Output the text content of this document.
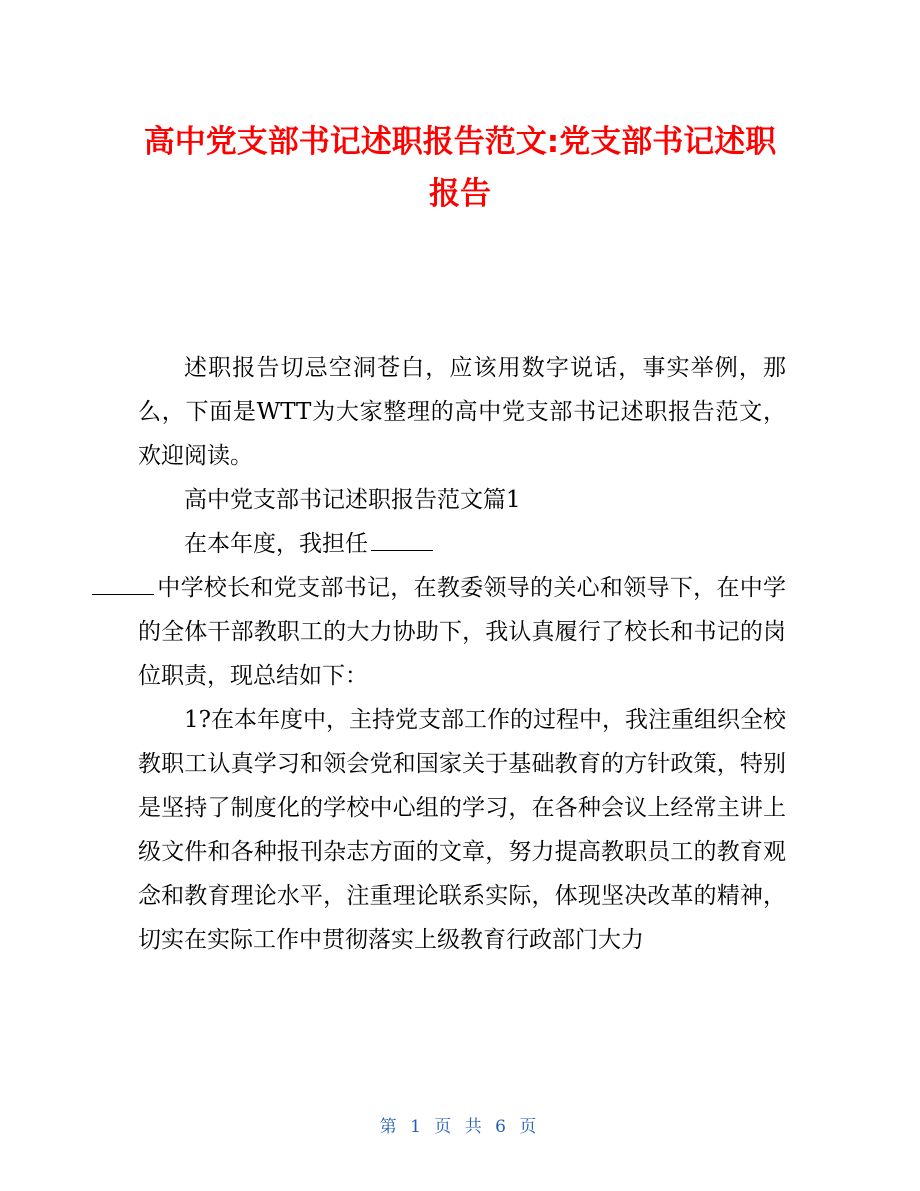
高中党支部书记述职报告范文:党支部书记述职
报告

述职报告切忌空洞苍白，应该用数字说话，事实举例，那么，下面是WTT为大家整理的高中党支部书记述职报告范文，欢迎阅读。

高中党支部书记述职报告范文篇1

在本年度，我担任
中学校长和党支部书记，在教委领导的关心和领导下，在中学的全体干部教职工的大力协助下，我认真履行了校长和书记的岗位职责，现总结如下：

1?在本年度中，主持党支部工作的过程中，我注重组织全校教职工认真学习和领会党和国家关于基础教育的方针政策，特别是坚持了制度化的学校中心组的学习，在各种会议上经常主讲上级文件和各种报刊杂志方面的文章，努力提高教职员工的教育观念和教育理论水平，注重理论联系实际，体现坚决改革的精神，切实在实际工作中贯彻落实上级教育行政部门大力

第 1 页 共 6 页
